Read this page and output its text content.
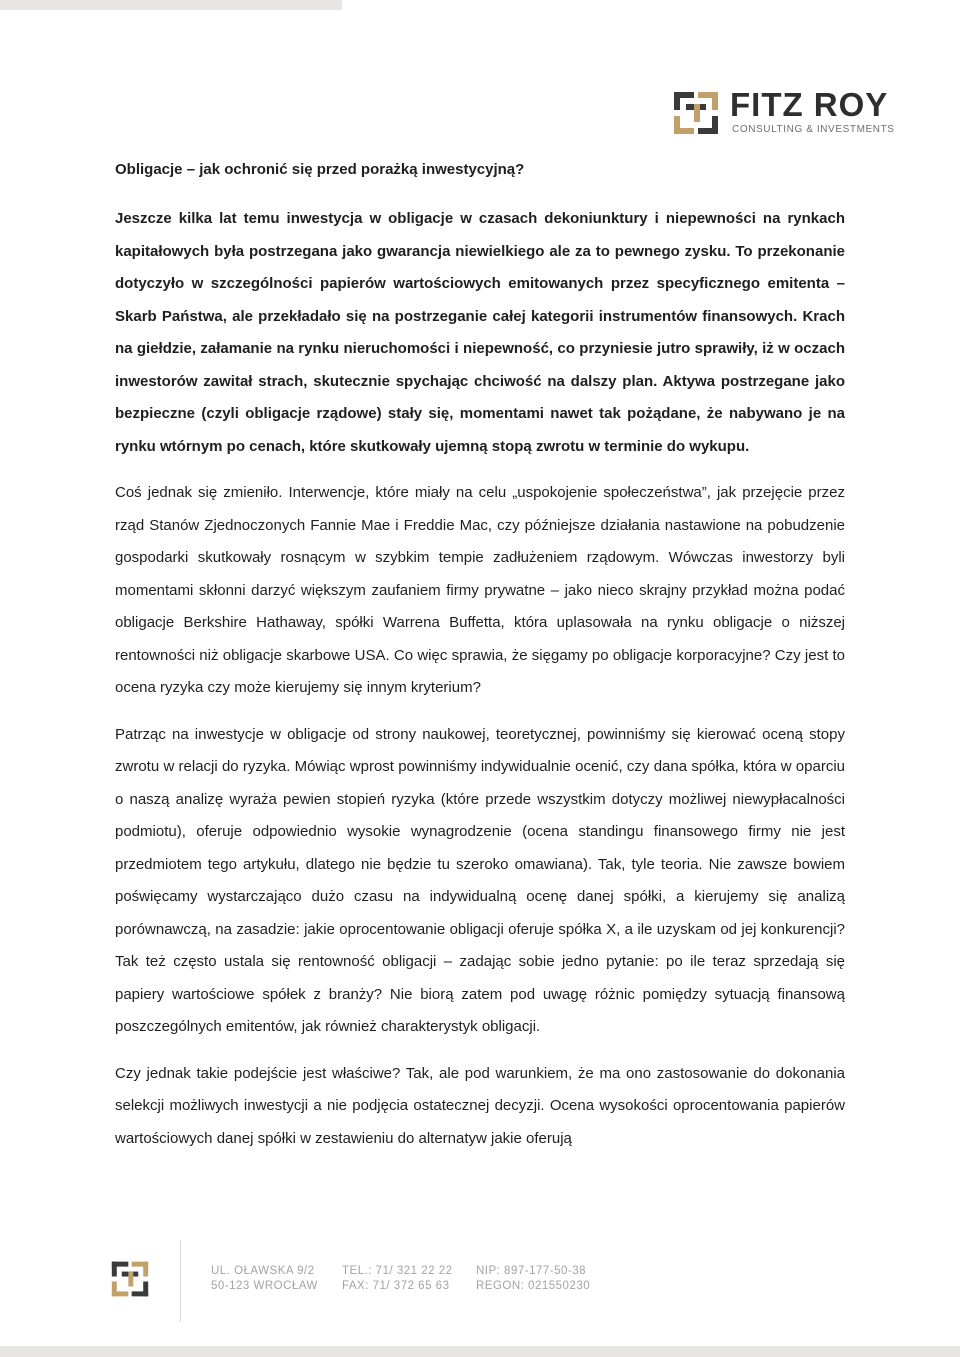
FITZ ROY
CONSULTING & INVESTMENTS

Obligacje – jak ochronić się przed porażką inwestycyjną?

Jeszcze kilka lat temu inwestycja w obligacje w czasach dekoniunktury i niepewności na rynkach kapitałowych była postrzegana jako gwarancja niewielkiego ale za to pewnego zysku. To przekonanie dotyczyło w szczególności papierów wartościowych emitowanych przez specyficznego emitenta – Skarb Państwa, ale przekładało się na postrzeganie całej kategorii instrumentów finansowych. Krach na giełdzie, załamanie na rynku nieruchomości i niepewność, co przyniesie jutro sprawiły, iż w oczach inwestorów zawitał strach, skutecznie spychając chciwość na dalszy plan. Aktywa postrzegane jako bezpieczne (czyli obligacje rządowe) stały się, momentami nawet tak pożądane, że nabywano je na rynku wtórnym po cenach, które skutkowały ujemną stopą zwrotu w terminie do wykupu.

Coś jednak się zmieniło. Interwencje, które miały na celu „uspokojenie społeczeństwa”, jak przejęcie przez rząd Stanów Zjednoczonych Fannie Mae i Freddie Mac, czy późniejsze działania nastawione na pobudzenie gospodarki skutkowały rosnącym w szybkim tempie zadłużeniem rządowym. Wówczas inwestorzy byli momentami skłonni darzyć większym zaufaniem firmy prywatne – jako nieco skrajny przykład można podać obligacje Berkshire Hathaway, spółki Warrena Buffetta, która uplasowała na rynku obligacje o niższej rentowności niż obligacje skarbowe USA. Co więc sprawia, że sięgamy po obligacje korporacyjne? Czy jest to ocena ryzyka czy może kierujemy się innym kryterium?

Patrząc na inwestycje w obligacje od strony naukowej, teoretycznej, powinniśmy się kierować oceną stopy zwrotu w relacji do ryzyka. Mówiąc wprost powinniśmy indywidualnie ocenić, czy dana spółka, która w oparciu o naszą analizę wyraża pewien stopień ryzyka (które przede wszystkim dotyczy możliwej niewypłacalności podmiotu), oferuje odpowiednio wysokie wynagrodzenie (ocena standingu finansowego firmy nie jest przedmiotem tego artykułu, dlatego nie będzie tu szeroko omawiana). Tak, tyle teoria. Nie zawsze bowiem poświęcamy wystarczająco dużo czasu na indywidualną ocenę danej spółki, a kierujemy się analizą porównawczą, na zasadzie: jakie oprocentowanie obligacji oferuje spółka X, a ile uzyskam od jej konkurencji? Tak też często ustala się rentowność obligacji – zadając sobie jedno pytanie: po ile teraz sprzedają się papiery wartościowe spółek z branży? Nie biorą zatem pod uwagę różnic pomiędzy sytuacją finansową poszczególnych emitentów, jak również charakterystyk obligacji.

Czy jednak takie podejście jest właściwe? Tak, ale pod warunkiem, że ma ono zastosowanie do dokonania selekcji możliwych inwestycji a nie podjęcia ostatecznej decyzji. Ocena wysokości oprocentowania papierów wartościowych danej spółki w zestawieniu do alternatyw jakie oferują

UL. OŁAWSKA 9/2
50-123 WROCŁAW
TEL.: 71/ 321 22 22
FAX: 71/ 372 65 63
NIP: 897-177-50-38
REGON: 021550230
